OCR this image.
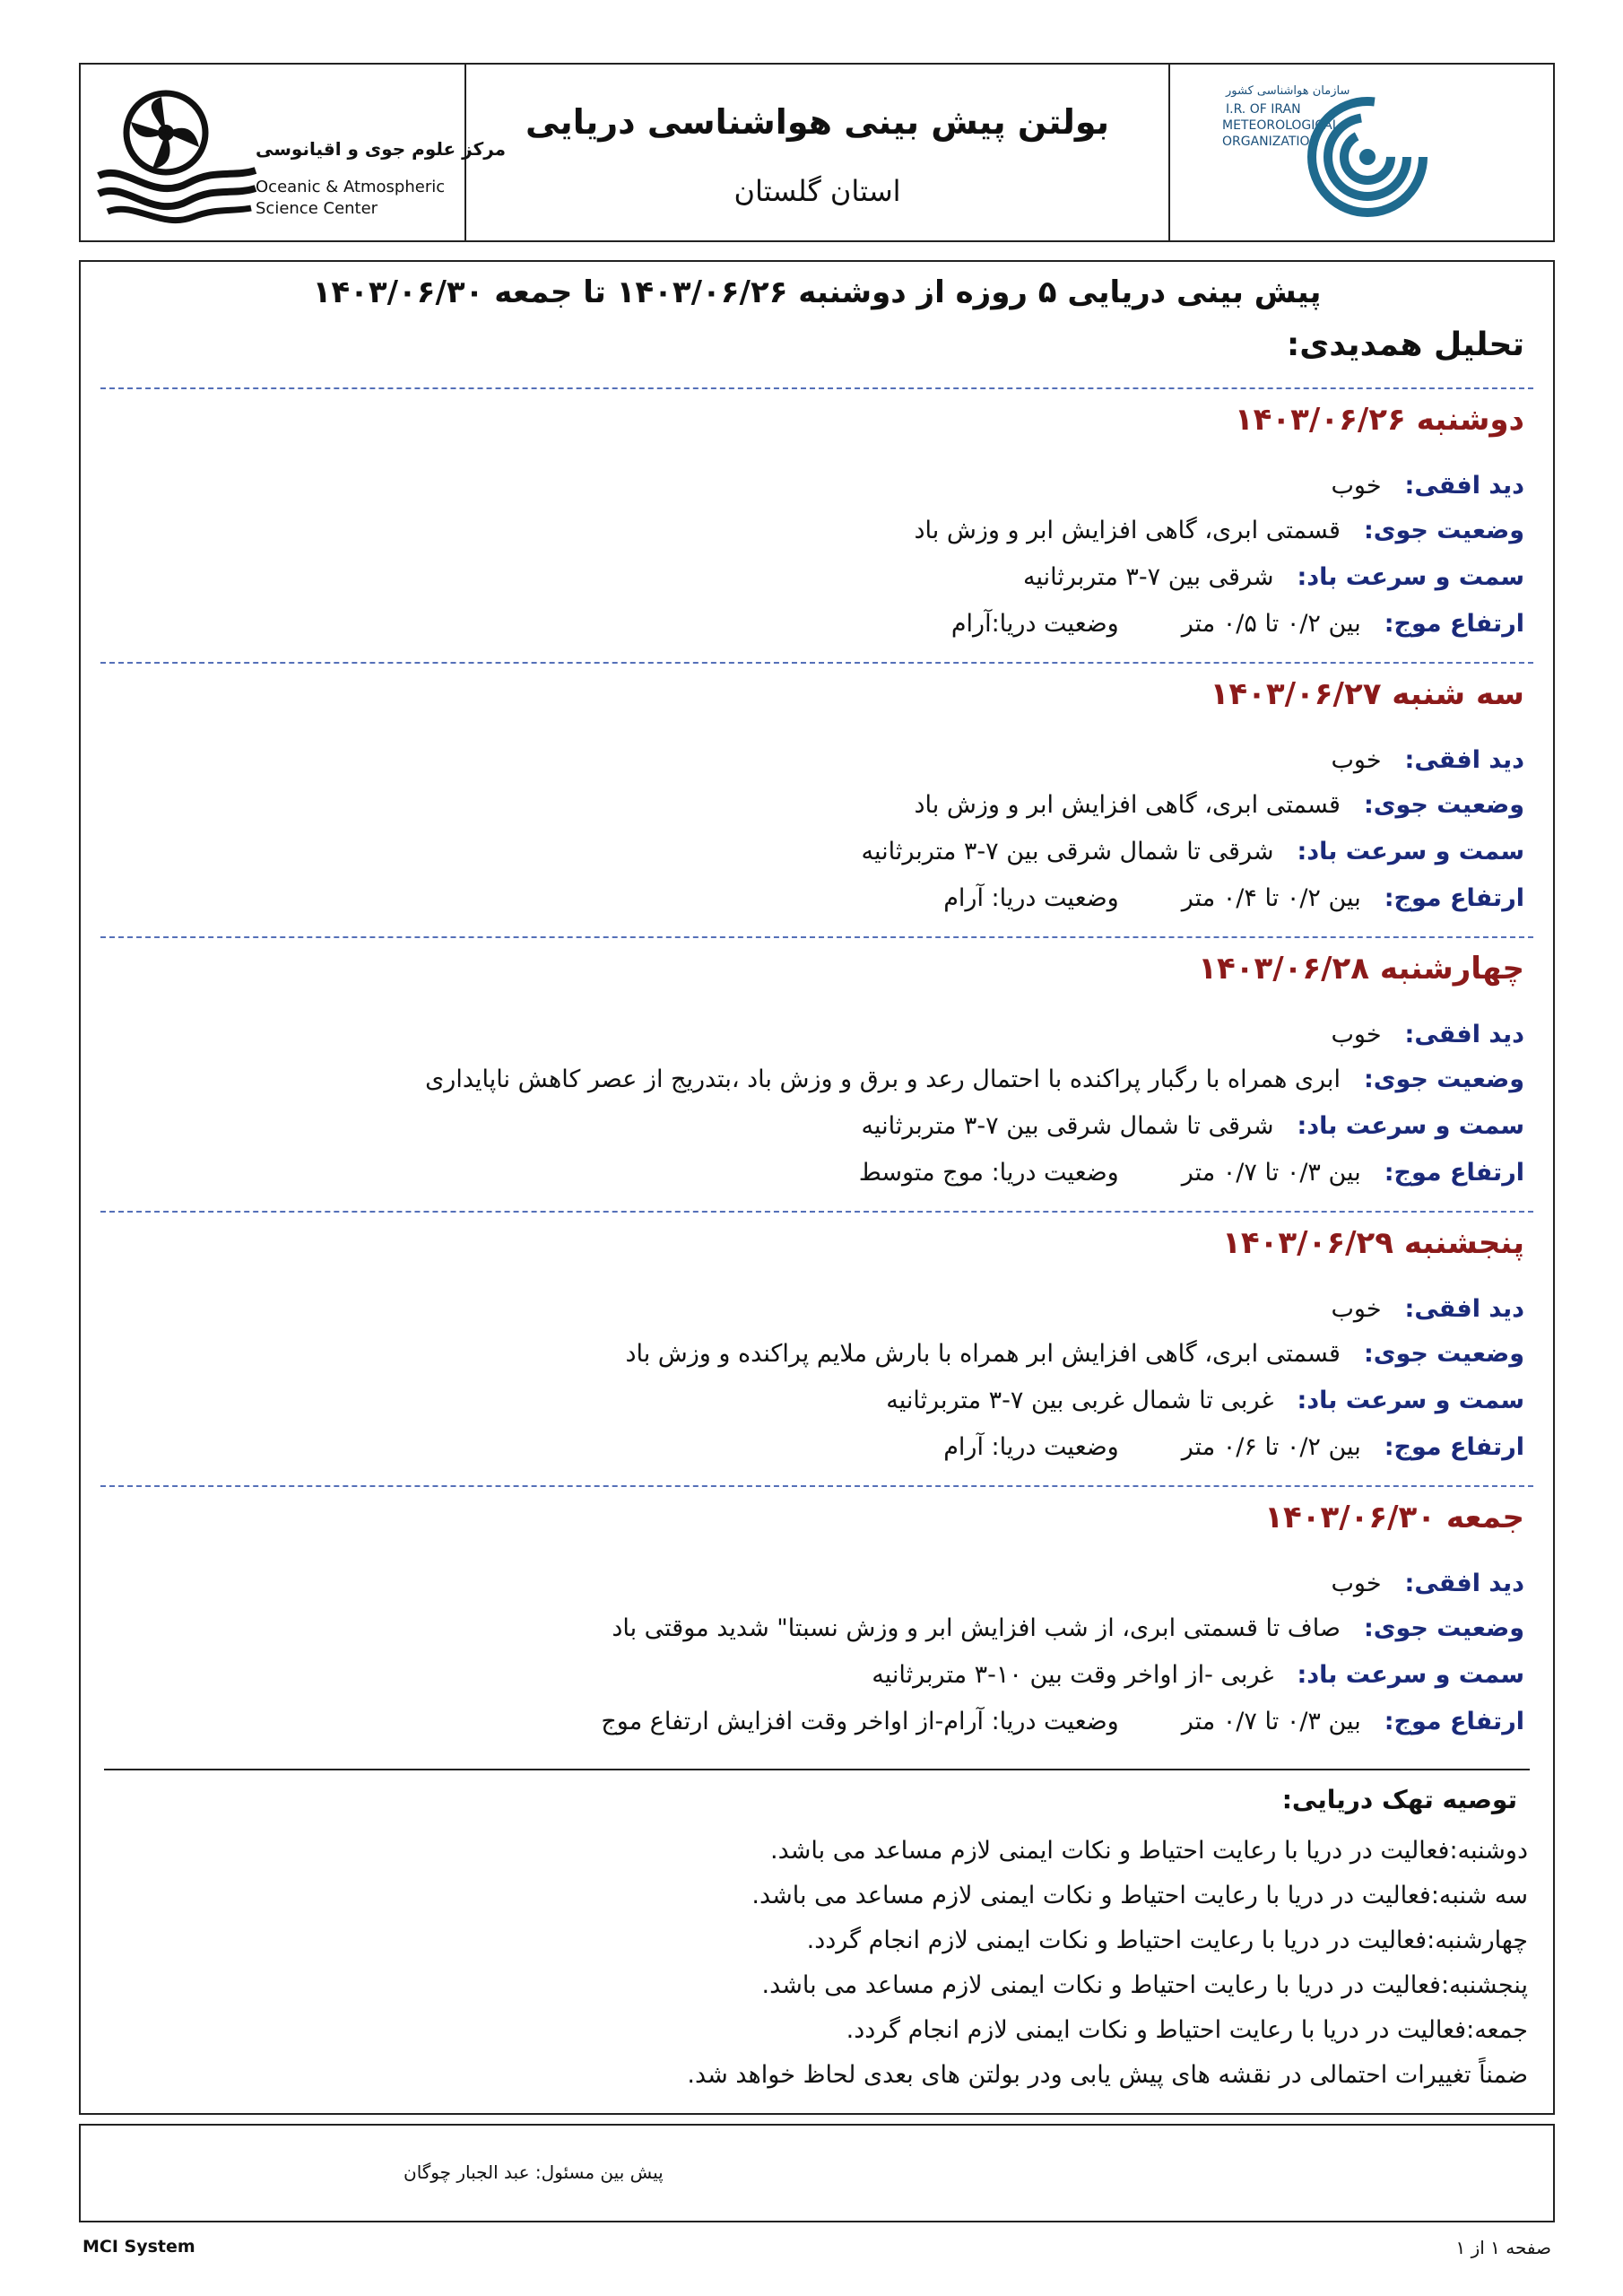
مرکز علوم جوی و اقیانوسی
Oceanic & Atmospheric
Science Center
بولتن پیش بینی هواشناسی دریایی
استان گلستان
سازمان هواشناسی کشور
I.R. OF IRAN
METEOROLOGICAL
ORGANIZATION
پیش بینی دریایی ۵ روزه از دوشنبه ۱۴۰۳/۰۶/۲۶ تا جمعه ۱۴۰۳/۰۶/۳۰
تحلیل همدیدی:
دوشنبه ۱۴۰۳/۰۶/۲۶
دید افقی:خوب
وضعیت جوی:قسمتی ابری، گاهی افزایش ابر و وزش باد
سمت و سرعت باد:شرقی بین ۷-۳ متربرثانیه
ارتفاع موج:بین ۰/۲ تا ۰/۵ متروضعیت دریا:آرام
سه شنبه ۱۴۰۳/۰۶/۲۷
دید افقی:خوب
وضعیت جوی:قسمتی ابری، گاهی افزایش ابر و وزش باد
سمت و سرعت باد:شرقی تا شمال شرقی بین ۷-۳ متربرثانیه
ارتفاع موج:بین ۰/۲ تا ۰/۴ متروضعیت دریا: آرام
چهارشنبه ۱۴۰۳/۰۶/۲۸
دید افقی:خوب
وضعیت جوی:ابری همراه با رگبار پراکنده با احتمال رعد و برق و وزش باد ،بتدریج از عصر کاهش ناپایداری
سمت و سرعت باد:شرقی تا شمال شرقی بین ۷-۳ متربرثانیه
ارتفاع موج:بین ۰/۳ تا ۰/۷ متروضعیت دریا: موج متوسط
پنجشنبه ۱۴۰۳/۰۶/۲۹
دید افقی:خوب
وضعیت جوی:قسمتی ابری، گاهی افزایش ابر همراه با بارش ملایم پراکنده و وزش باد
سمت و سرعت باد:غربی تا شمال غربی بین ۷-۳ متربرثانیه
ارتفاع موج:بین ۰/۲ تا ۰/۶ متروضعیت دریا: آرام
جمعه ۱۴۰۳/۰۶/۳۰
دید افقی:خوب
وضعیت جوی:صاف تا قسمتی ابری، از شب افزایش ابر و وزش نسبتا" شدید موقتی باد
سمت و سرعت باد:غربی -از اواخر وقت بین ۱۰-۳ متربرثانیه
ارتفاع موج:بین ۰/۳ تا ۰/۷ متروضعیت دریا: آرام-از اواخر وقت افزایش ارتفاع موج
توصیه تهک دریایی:
دوشنبه:فعالیت در دریا با رعایت احتیاط و نکات ایمنی لازم مساعد می باشد.
سه شنبه:فعالیت در دریا با رعایت احتیاط و نکات ایمنی لازم مساعد می باشد.
چهارشنبه:فعالیت در دریا با رعایت احتیاط و نکات ایمنی لازم انجام گردد.
پنجشنبه:فعالیت در دریا با رعایت احتیاط و نکات ایمنی لازم مساعد می باشد.
جمعه:فعالیت در دریا با رعایت احتیاط و نکات ایمنی لازم انجام گردد.
ضمناً تغییرات احتمالی در نقشه های پیش یابی ودر بولتن های بعدی لحاظ خواهد شد.
پیش بین مسئول: عبد الجبار چوگان
MCI System	صفحه ۱ از ۱
